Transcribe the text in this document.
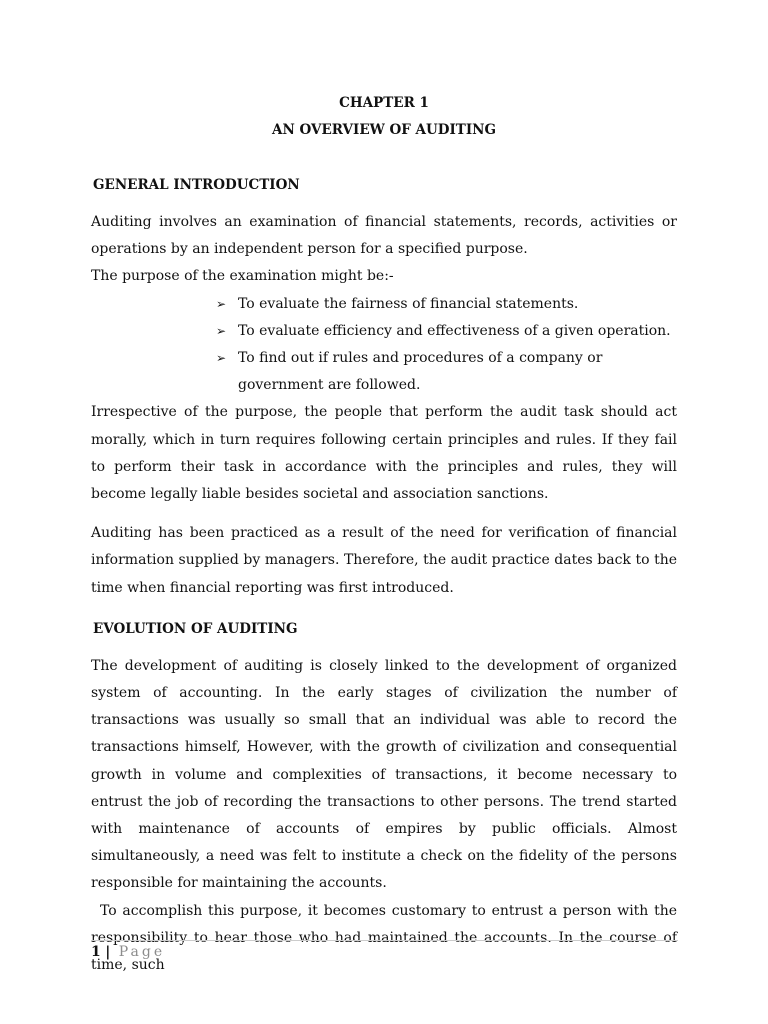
CHAPTER 1
AN OVERVIEW OF AUDITING
GENERAL INTRODUCTION

Auditing involves an examination of financial statements, records, activities or operations by an independent person for a specified purpose.

The purpose of the examination might be:-

➢ To evaluate the fairness of financial statements.
➢ To evaluate efficiency and effectiveness of a given operation.
➢ To find out if rules and procedures of a company or government are followed.

Irrespective of the purpose, the people that perform the audit task should act morally, which in turn requires following certain principles and rules. If they fail to perform their task in accordance with the principles and rules, they will become legally liable besides societal and association sanctions.

Auditing has been practiced as a result of the need for verification of financial information supplied by managers. Therefore, the audit practice dates back to the time when financial reporting was first introduced.

EVOLUTION OF AUDITING

The development of auditing is closely linked to the development of organized system of accounting. In the early stages of civilization the number of transactions was usually so small that an individual was able to record the transactions himself, However, with the growth of civilization and consequential growth in volume and complexities of transactions, it become necessary to entrust the job of recording the transactions to other persons. The trend started with maintenance of accounts of empires by public officials. Almost simultaneously, a need was felt to institute a check on the fidelity of the persons responsible for maintaining the accounts.

To accomplish this purpose, it becomes customary to entrust a person with the responsibility to hear those who had maintained the accounts. In the course of time, such

1 | Page
